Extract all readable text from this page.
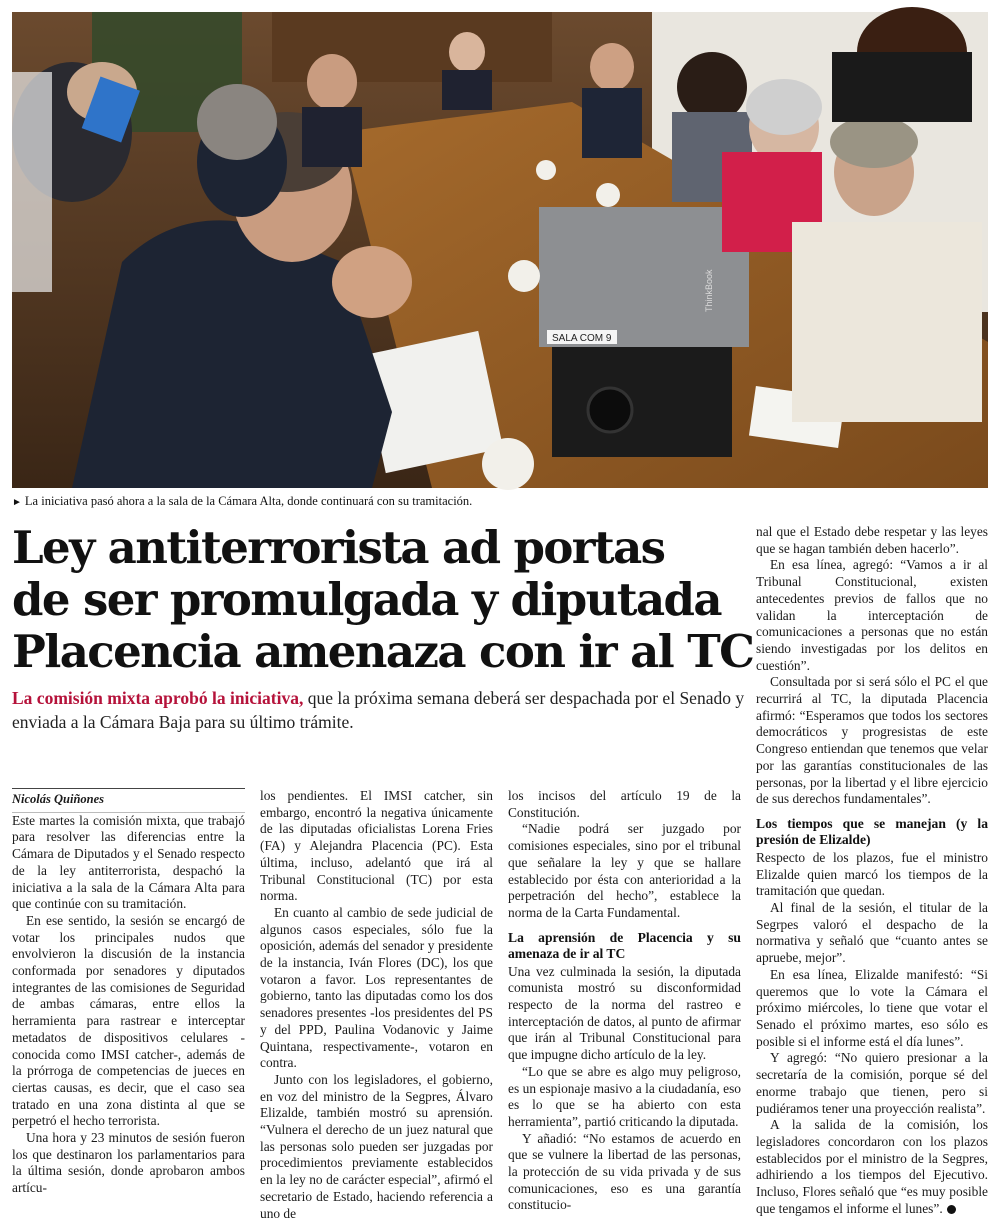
ThinkBook
SALA COM 9
► La iniciativa pasó ahora a la sala de la Cámara Alta, donde continuará con su tramitación.
Ley antiterrorista ad portas
de ser promulgada y diputada
Placencia amenaza con ir al TC
La comisión mixta aprobó la iniciativa, que la próxima semana deberá ser despachada por el Senado y enviada a la Cámara Baja para su último trámite.

Nicolás Quiñones

Este martes la comisión mixta, que trabajó para resolver las diferencias entre la Cámara de Diputados y el Senado respecto de la ley antiterrorista, despachó la iniciativa a la sala de la Cámara Alta para que continúe con su tramitación.

En ese sentido, la sesión se encargó de votar los principales nudos que envolvieron la discusión de la instancia conformada por senadores y diputados integrantes de las comisiones de Seguridad de ambas cámaras, entre ellos la herramienta para rastrear e interceptar metadatos de dispositivos celulares -conocida como IMSI catcher-, además de la prórroga de competencias de jueces en ciertas causas, es decir, que el caso sea tratado en una zona distinta al que se perpetró el hecho terrorista.

Una hora y 23 minutos de sesión fueron los que destinaron los parlamentarios para la última sesión, donde aprobaron ambos artícu-

los pendientes. El IMSI catcher, sin embargo, encontró la negativa únicamente de las diputadas oficialistas Lorena Fries (FA) y Alejandra Placencia (PC). Esta última, incluso, adelantó que irá al Tribunal Constitucional (TC) por esta norma.

En cuanto al cambio de sede judicial de algunos casos especiales, sólo fue la oposición, además del senador y presidente de la instancia, Iván Flores (DC), los que votaron a favor. Los representantes de gobierno, tanto las diputadas como los dos senadores presentes -los presidentes del PS y del PPD, Paulina Vodanovic y Jaime Quintana, respectivamente-, votaron en contra.

Junto con los legisladores, el gobierno, en voz del ministro de la Segpres, Álvaro Elizalde, también mostró su aprensión. “Vulnera el derecho de un juez natural que las personas solo pueden ser juzgadas por procedimientos previamente establecidos en la ley no de carácter especial”, afirmó el secretario de Estado, haciendo referencia a uno de

los incisos del artículo 19 de la Constitución.

“Nadie podrá ser juzgado por comisiones especiales, sino por el tribunal que señalare la ley y que se hallare establecido por ésta con anterioridad a la perpetración del hecho”, establece la norma de la Carta Fundamental.

La aprensión de Placencia y su amenaza de ir al TC

Una vez culminada la sesión, la diputada comunista mostró su disconformidad respecto de la norma del rastreo e interceptación de datos, al punto de afirmar que irán al Tribunal Constitucional para que impugne dicho artículo de la ley.

“Lo que se abre es algo muy peligroso, es un espionaje masivo a la ciudadanía, eso es lo que se ha abierto con esta herramienta”, partió criticando la diputada.

Y añadió: “No estamos de acuerdo en que se vulnere la libertad de las personas, la protección de su vida privada y de sus comunicaciones, eso es una garantía constitucio-

nal que el Estado debe respetar y las leyes que se hagan también deben hacerlo”.

En esa línea, agregó: “Vamos a ir al Tribunal Constitucional, existen antecedentes previos de fallos que no validan la interceptación de comunicaciones a personas que no están siendo investigadas por los delitos en cuestión”.

Consultada por si será sólo el PC el que recurrirá al TC, la diputada Placencia afirmó: “Esperamos que todos los sectores democráticos y progresistas de este Congreso entiendan que tenemos que velar por las garantías constitucionales de las personas, por la libertad y el libre ejercicio de sus derechos fundamentales”.

Los tiempos que se manejan (y la presión de Elizalde)

Respecto de los plazos, fue el ministro Elizalde quien marcó los tiempos de la tramitación que quedan.

Al final de la sesión, el titular de la Segrpes valoró el despacho de la normativa y señaló que “cuanto antes se apruebe, mejor”.

En esa línea, Elizalde manifestó: “Si queremos que lo vote la Cámara el próximo miércoles, lo tiene que votar el Senado el próximo martes, eso sólo es posible si el informe está el día lunes”.

Y agregó: “No quiero presionar a la secretaría de la comisión, porque sé del enorme trabajo que tienen, pero si pudiéramos tener una proyección realista”.

A la salida de la comisión, los legisladores concordaron con los plazos establecidos por el ministro de la Segpres, adhiriendo a los tiempos del Ejecutivo. Incluso, Flores señaló que “es muy posible que tengamos el informe el lunes”.
